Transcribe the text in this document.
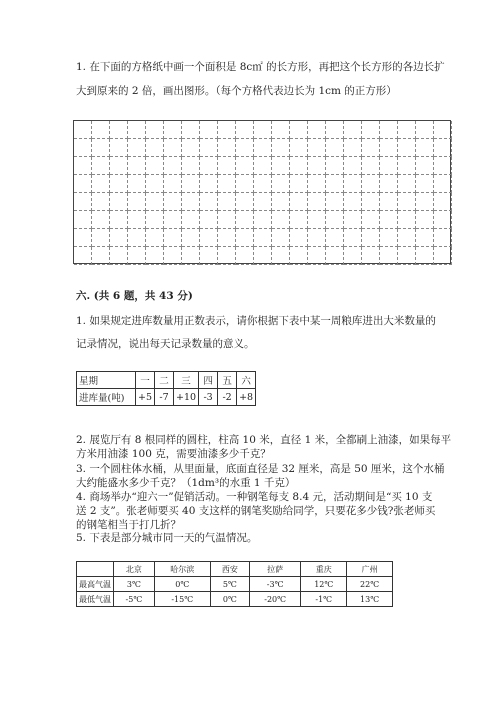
1. 在下面的方格纸中画一个面积是 8c㎡ 的长方形，再把这个长方形的各边长扩
大到原来的 2 倍，画出图形。（每个方格代表边长为 1cm 的正方形）
六. (共 6 题，共 43 分)
1. 如果规定进库数量用正数表示，请你根据下表中某一周粮库进出大米数量的
记录情况，说出每天记录数量的意义。
星期	一	二	三	四	五	六
进库量(吨)	+5	-7	+10	-3	-2	+8
2. 展览厅有 8 根同样的圆柱，柱高 10 米，直径 1 米，全都刷上油漆，如果每平
方米用油漆 100 克，需要油漆多少千克？
3. 一个圆柱体水桶，从里面量，底面直径是 32 厘米，高是 50 厘米，这个水桶
大约能盛水多少千克？（1dm³的水重 1 千克）
4. 商场举办“迎六一”促销活动。一种钢笔每支 8.4 元，活动期间是“买 10 支
送 2 支”。张老师要买 40 支这样的钢笔奖励给同学，只要花多少钱?张老师买
的钢笔相当于打几折？
5. 下表是部分城市同一天的气温情况。
	北京	哈尔滨	西安	拉萨	重庆	广州
最高气温	3℃	0℃	5℃	-3℃	12℃	22℃
最低气温	-5℃	-15℃	0℃	-20℃	-1℃	13℃
